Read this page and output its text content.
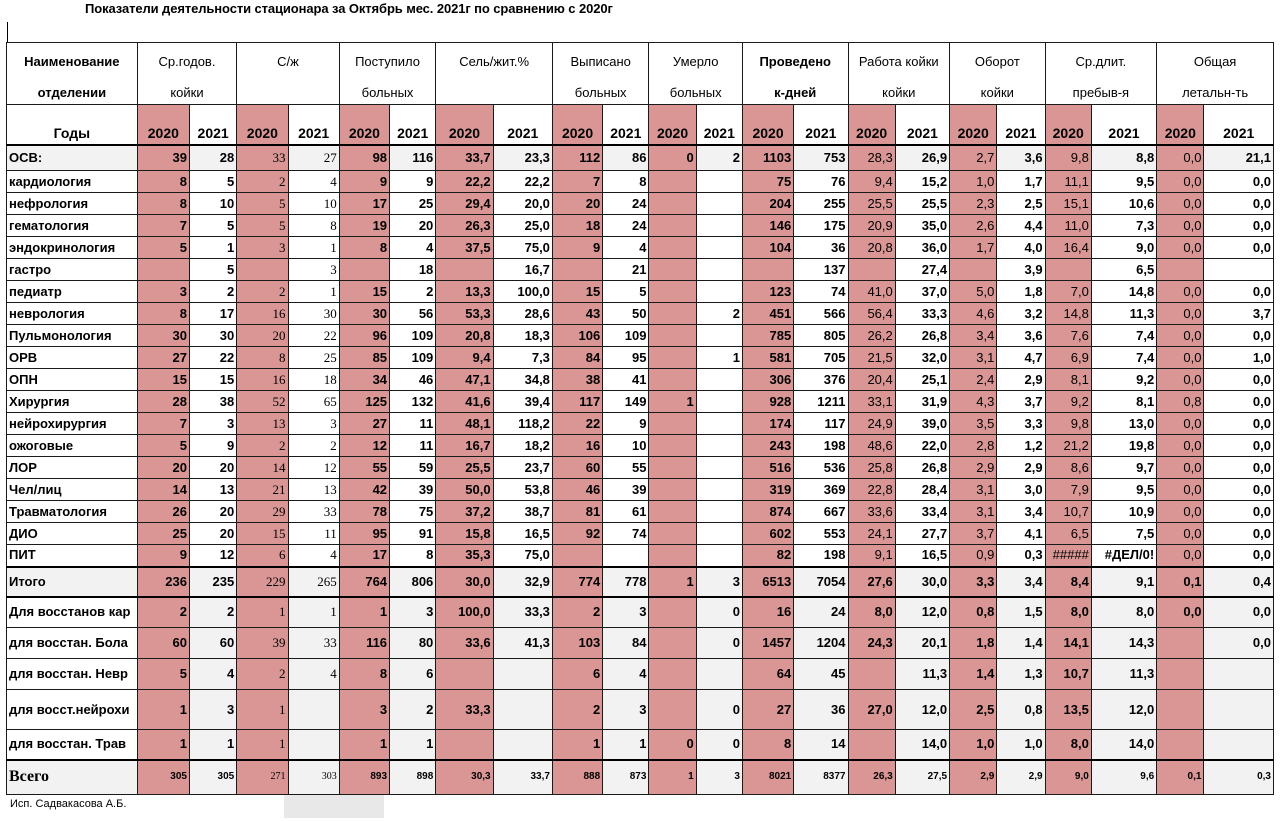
Показатели деятельности стационара за Октябрь мес. 2021г по сравнению с 2020г
Наименование	Ср.годов.		С/ж		Поступило		Сель/жит.%		Выписано		Умерло		Проведено		Работа койки		Оборот		Ср.длит.		Общая	
отделении	койки				больных				больных		больных		к-дней		койки		койки		пребыв-я		летальн-ть	
Годы	2020	2021	2020	2021	2020	2021	2020	2021	2020	2021	2020	2021	2020	2021	2020	2021	2020	2021	2020	2021	2020	2021
ОСВ:	39	28	33	27	98	116	33,7	23,3	112	86	0	2	1103	753	28,3	26,9	2,7	3,6	9,8	8,8	0,0	21,1
кардиология	8	5	2	4	9	9	22,2	22,2	7	8			75	76	9,4	15,2	1,0	1,7	11,1	9,5	0,0	0,0
нефрология	8	10	5	10	17	25	29,4	20,0	20	24			204	255	25,5	25,5	2,3	2,5	15,1	10,6	0,0	0,0
гематология	7	5	5	8	19	20	26,3	25,0	18	24			146	175	20,9	35,0	2,6	4,4	11,0	7,3	0,0	0,0
эндокринология	5	1	3	1	8	4	37,5	75,0	9	4			104	36	20,8	36,0	1,7	4,0	16,4	9,0	0,0	0,0
гастро		5		3		18		16,7		21				137		27,4		3,9		6,5		
педиатр	3	2	2	1	15	2	13,3	100,0	15	5			123	74	41,0	37,0	5,0	1,8	7,0	14,8	0,0	0,0
неврология	8	17	16	30	30	56	53,3	28,6	43	50		2	451	566	56,4	33,3	4,6	3,2	14,8	11,3	0,0	3,7
Пульмонология	30	30	20	22	96	109	20,8	18,3	106	109			785	805	26,2	26,8	3,4	3,6	7,6	7,4	0,0	0,0
ОРВ	27	22	8	25	85	109	9,4	7,3	84	95		1	581	705	21,5	32,0	3,1	4,7	6,9	7,4	0,0	1,0
ОПН	15	15	16	18	34	46	47,1	34,8	38	41			306	376	20,4	25,1	2,4	2,9	8,1	9,2	0,0	0,0
Хирургия	28	38	52	65	125	132	41,6	39,4	117	149	1		928	1211	33,1	31,9	4,3	3,7	9,2	8,1	0,8	0,0
нейрохирургия	7	3	13	3	27	11	48,1	118,2	22	9			174	117	24,9	39,0	3,5	3,3	9,8	13,0	0,0	0,0
ожоговые	5	9	2	2	12	11	16,7	18,2	16	10			243	198	48,6	22,0	2,8	1,2	21,2	19,8	0,0	0,0
ЛОР	20	20	14	12	55	59	25,5	23,7	60	55			516	536	25,8	26,8	2,9	2,9	8,6	9,7	0,0	0,0
Чел/лиц	14	13	21	13	42	39	50,0	53,8	46	39			319	369	22,8	28,4	3,1	3,0	7,9	9,5	0,0	0,0
Травматология	26	20	29	33	78	75	37,2	38,7	81	61			874	667	33,6	33,4	3,1	3,4	10,7	10,9	0,0	0,0
ДИО	25	20	15	11	95	91	15,8	16,5	92	74			602	553	24,1	27,7	3,7	4,1	6,5	7,5	0,0	0,0
ПИТ	9	12	6	4	17	8	35,3	75,0					82	198	9,1	16,5	0,9	0,3	#####	#ДЕЛ/0!	0,0	0,0
Итого	236	235	229	265	764	806	30,0	32,9	774	778	1	3	6513	7054	27,6	30,0	3,3	3,4	8,4	9,1	0,1	0,4
Для восстанов кар	2	2	1	1	1	3	100,0	33,3	2	3		0	16	24	8,0	12,0	0,8	1,5	8,0	8,0	0,0	0,0
для восстан. Бола	60	60	39	33	116	80	33,6	41,3	103	84		0	1457	1204	24,3	20,1	1,8	1,4	14,1	14,3		0,0
для восстан. Невр	5	4	2	4	8	6			6	4			64	45		11,3	1,4	1,3	10,7	11,3		
для восст.нейрохи	1	3	1		3	2	33,3		2	3		0	27	36	27,0	12,0	2,5	0,8	13,5	12,0		
для восстан. Трав	1	1	1		1	1			1	1	0	0	8	14		14,0	1,0	1,0	8,0	14,0		
Всего	305	305	271	303	893	898	30,3	33,7	888	873	1	3	8021	8377	26,3	27,5	2,9	2,9	9,0	9,6	0,1	0,3
Исп. Садвакасова А.Б.
